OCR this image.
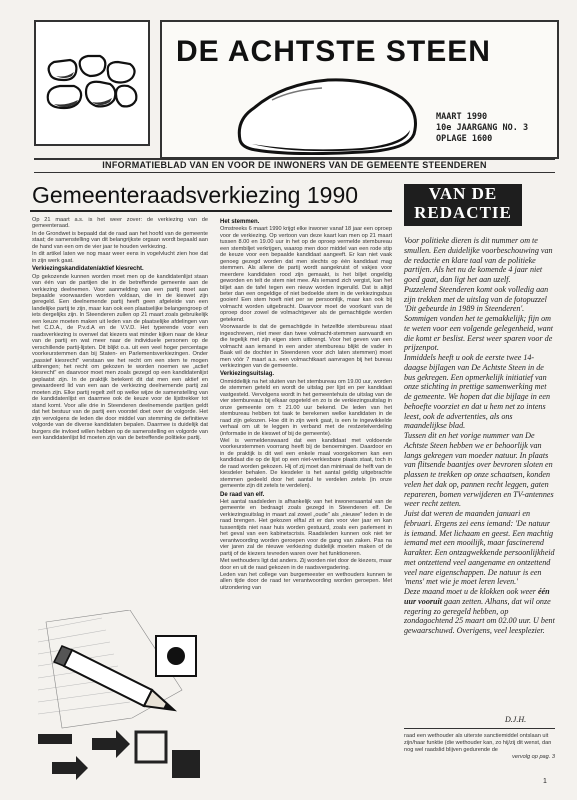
DE ACHTSTE STEEN
MAART 1990
10e JAARGANG NO. 3
OPLAGE 1600
INFORMATIEBLAD VAN EN VOOR DE INWONERS VAN DE GEMEENTE STEENDEREN
Gemeenteraadsverkiezing 1990

Op 21 maart a.s. is het weer zover: de verkiezing van de gemeenteraad.

In de Grondwet is bepaald dat de raad aan het hoofd van de gemeente staat; de samenstelling van dit belangrijkste orgaan wordt bepaald aan de hand van een om de vier jaar te houden verkiezing.

In dit artikel laten we nog maar weer eens in vogelvlucht zien hoe dat in zijn werk gaat.

Verkiezingskandidaten/aktief kiesrecht.

Op gekozende kunnen worden moet men op de kandidatenlijst staan van één van de partijen die in de betreffende gemeente aan de verkiezing deelnemen. Voor aanmelding van een partij moet aan bepaalde voorwaarden worden voldaan, die in de kieswet zijn geregeld. Een deelnemende partij heeft geen afgeleide van een landelijke partij te zijn, maar kan ook een plaatselijke belangengroep of iets dergelijks zijn. In Steenderen zullen op 21 maart zoals gebruikelijk een keuze moeten maken uit leden van de plaatselijke afdelingen van het C.D.A., de P.v.d.A en de V.V.D. Het typerende voor een raadsverkiezing is overwel dat kiezers wat minder kijken naar de kleur van de partij en wat meer naar de individuele personen op de verschillende partij-lijsten. Dit blijkt o.a. uit een veel hoger percentage voorkeurstemmen dan bij Staten- en Parlementsverkiezingen. Onder „passief kiesrecht" verstaan we het recht om een stem te mogen uitbrengen; het recht om gekozen te worden noemen we „actief kiesrecht" en daarvoor moet men zoals gezegd op een kandidatenlijst geplaatst zijn. In de praktijk betekent dit dat men een aktief en gewaardeerd lid van een aan de verkiezing deelnemende partij zal moeten zijn. Elke partij regelt zelf op welke wijze de samenstelling van de kandidatenlijst en daarmee ook de keuze voor de lijsttrekker tot stand komt. Voor alle drie in Steenderen deelnemende partijen geldt dat het bestuur van de partij een voorstel doet over de volgorde. Het zijn vervolgens de leden die door middel van stemming de definitieve volgorde van de diverse kandidaten bepalen. Daarmee is duidelijk dat burgers die invloed willen hebben op de samenstelling en volgorde van een kandidatenlijst lid moeten zijn van de betreffende politieke partij.

Het stemmen.

Omstreeks 6 maart 1990 krijgt elke inwoner vanaf 18 jaar een oproep voor de verkiezing. Op vertoon van deze kaart kan men op 21 maart tussen 8.00 en 19.00 uur in het op de oproep vermelde stembureau een stembiljet verkrijgen, waarop men door middel van een rode stip de keuze voor een bepaalde kandidaat aangeeft. Er kan niet vaak genoeg gezegd worden dat men slechts op één kandidaat mag stemmen. Als allene de partij wordt aangekruist of vakjes voor meerdere kandidaten rood zijn gemaakt, is het biljet ongeldig geworden en telt de stem niet mee. Als iemand zich vergist, kan het biljet aan de tafel tegen een nieuw worden ingeruild. Dat is altijd beter dan een ongeldige of niet bedoelde stem in de verkiezingsbus gooien! Een stem hoeft niet per se persoonlijk, maar kan ook bij volmacht worden uitgebracht. Daarvoor moet de voorkant van de oproep door zowel de volmachtgever als de gemachtigde worden getekend.

Voorwaarde is dat de gemachtigde in hetzelfde stembureau staat ingeschreven, niet meer dan twee volmacht-stemmen aanvaardt en die tegelijk met zijn eigen stem uitbrengt. Voor het geven van een volmacht aan iemand in een ander stembureau blijkt de vader in Baak wil de dochter in Steenderen voor zich laten stemmen) moet men vóór 7 maart a.s. een volmachtkaart aanvragen bij het bureau verkiezingen van de gemeente.

Verkiezingsuitslag.

Onmiddellijk na het sluiten van het stembureau om 19.00 uur, worden de stemmen geteld en wordt de uitslag per lijst en per kandidaat vastgesteld. Vervolgens wordt in het gemeentehuis de uitslag van de vier stembureaus bij elkaar opgeteld en zo is de verkiezingsuitslag in onze gemeente om ± 21.00 uur bekend. De leden van het stembureau hebben tot taak te berekenen welke kandidaten in de raad zijn gekozen. Hoe dit in zijn werk gaat, is een te ingewikkelde verhaal om uit te leggen in verband met de restzetelverdeling (informatie in de kieswet of bij de gemeente).

Wel is vermeldenswaard dat een kandidaat met voldoende voorkeurstemmen voorrang heeft bij de benoemingen. Daardoor en in de praktijk is dit wel een enkele maal voorgekomen kan een kandidaat die op de lijst op een niet-verkiesbare plaats staat, toch in de raad worden gekozen. Hij of zij moet dan minimaal de helft van de kiesdeler behalen. De kiesdeler is het aantal geldig uitgebrachte stemmen gedeeld door het aantal te verdelen zetels (in onze gemeente zijn dit zetels te verdelen).

De raad van elf.

Het aantal raadsleden is afhankelijk van het inwonersaantal van de gemeente en bedraagt zoals gezegd in Steenderen elf. De verkiezingsuitslag in maart zal zowel „oude" als „nieuwe" leden in de raad brengen. Het gekozen elftal zit er dan voor vier jaar en kan tussentijds niet naar huis worden gestuurd, zoals een parlement in het geval van een kabinetscrisis. Raadsleden kunnen ook niet ter verantwoording worden geroepen voor de gang van zaken. Pas na vier jaren zal de nieuwe verkiezing duidelijk moeten maken of de partij of de kiezers tevreden waren over het funktioneren.

Met wethouders ligt dat anders. Zij worden niet door de kiezers, maar door en uit de raad gekozen in de raadsvergadering.

Leden van het college van burgemeester en wethouders kunnen te allen tijde door de raad ter verantwoording worden geroepen. Met uitzondering van

VAN DE
REDACTIE

Voor politieke dieren is dit nummer om te smullen. Een duidelijke voorbeschouwing van de redactie en klare taal van de politieke partijen. Als het nu de komende 4 jaar niet goed gaat, dan ligt het aan uzelf.

Puzzelend Steenderen komt ook volledig aan zijn trekken met de uitslag van de fotopuzzel 'Dit gebeurde in 1989 in Steenderen'. Sommigen vonden het te gemakkelijk; fijn om te weten voor een volgende gelegenheid, want die komt er beslist. Eerst weer sparen voor de prijzenpot.

Inmiddels heeft u ook de eerste twee 14-daagse bijlagen van De Achtste Steen in de bus gekregen. Een opmerkelijk initiatief van onze stichting in prettige samenwerking met de gemeente. We hopen dat die bijlage in een behoefte voorziet en dat u hem net zo intens leest, ook de advertenties, als ons maandelijkse blad.

Tussen dit en het vorige nummer van De Achtste Steen hebben we er behoorlijk van langs gekregen van moeder natuur. In plaats van flitsende baantjes over bevroren sloten en plassen te trekken op onze schaatsen, konden velen het dak op, pannen recht leggen, gaten repareren, bomen verwijderen en TV-antennes weer recht zetten.

Juist dat weren de maanden januari en februari. Ergens zei eens iemand: 'De natuur is iemand. Met lichaam en geest. Een machtig iemand met een mooilijk, maar fascinerend karakter. Een ontzagwekkende persoonlijkheid met ontzettend veel aangename en ontzettend veel nare eigenschappen. De natuur is een 'mens' met wie je moet leren leven.'

Deze maand moet u de klokken ook weer één uur vooruit gaan zetten. Alhans, dat wil onze regering zo geregeld hebben, op zondagochtend 25 maart om 02.00 uur. U bent gewaarschuwd. Overigens, veel leesplezier.

D.J.H.
raad een wethouder als uiterste sanctiemiddel ontslaan uit zijn/haar funktie (die wethouder kan, zo hij/zij dit wenst, dan nog wel raadslid blijven gedurende de
vervolg op pag. 3
1
